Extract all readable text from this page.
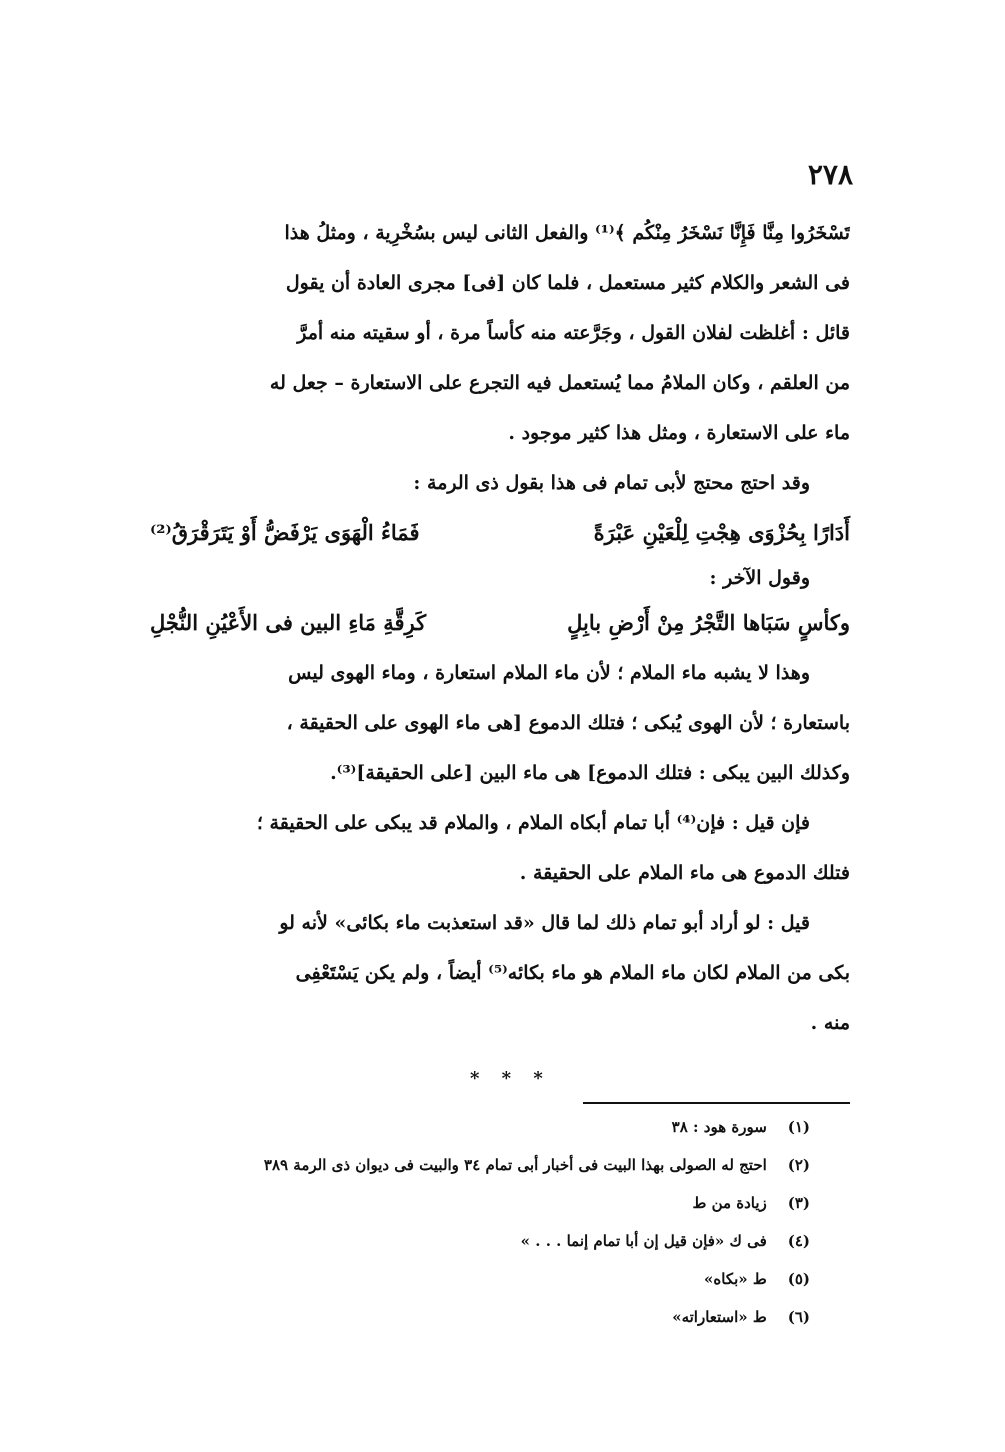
٢٧٨
تَسْخَرُوا مِنَّا فَإِنَّا نَسْخَرُ مِنْكُم ﴾⁽¹⁾ والفعل الثانى ليس بسُخْرِية ، ومثلُ هذا
فى الشعر والكلام كثير مستعمل ، فلما كان [فى] مجرى العادة أن يقول
قائل : أغلظت لفلان القول ، وجَرَّعته منه كأساً مرة ، أو سقيته منه أمرَّ
من العلقم ، وكان الملامُ مما يُستعمل فيه التجرع على الاستعارة – جعل له
ماء على الاستعارة ، ومثل هذا كثير موجود .
وقد احتج محتج لأبى تمام فى هذا بقول ذى الرمة :
أَدَارًا بِحُزْوَى هِجْتِ لِلْعَيْنِ عَبْرَةً
فَمَاءُ الْهَوَى يَرْفَضُّ أَوْ يَتَرَقْرَقُ⁽²⁾
وقول الآخر :
وكأسٍ سَبَاها التَّجْرُ مِنْ أَرْضِ بابِلٍ
كَرِقَّةِ مَاءِ البين فى الأَعْيُنِ النُّجْلِ
وهذا لا يشبه ماء الملام ؛ لأن ماء الملام استعارة ، وماء الهوى ليس
باستعارة ؛ لأن الهوى يُبكى ؛ فتلك الدموع [هى ماء الهوى على الحقيقة ،
وكذلك البين يبكى : فتلك الدموع] هى ماء البين [على الحقيقة]⁽³⁾.
فإن قيل : فإن⁽⁴⁾ أبا تمام أبكاه الملام ، والملام قد يبكى على الحقيقة ؛
فتلك الدموع هى ماء الملام على الحقيقة .
قيل : لو أراد أبو تمام ذلك لما قال «قد استعذبت ماء بكائى» لأنه لو
بكى من الملام لكان ماء الملام هو ماء بكائه⁽⁵⁾ أيضاً ، ولم يكن يَسْتَعْفِى
منه .
* * *
(١) سورة هود : ٣٨
(٢) احتج له الصولى بهذا البيت فى أخبار أبى تمام ٣٤ والبيت فى ديوان ذى الرمة ٣٨٩
(٣) زيادة من ط
(٤) فى ك «فإن قيل إن أبا تمام إنما . . . »
(٥) ط «بكاه»
(٦) ط «استعاراته»
